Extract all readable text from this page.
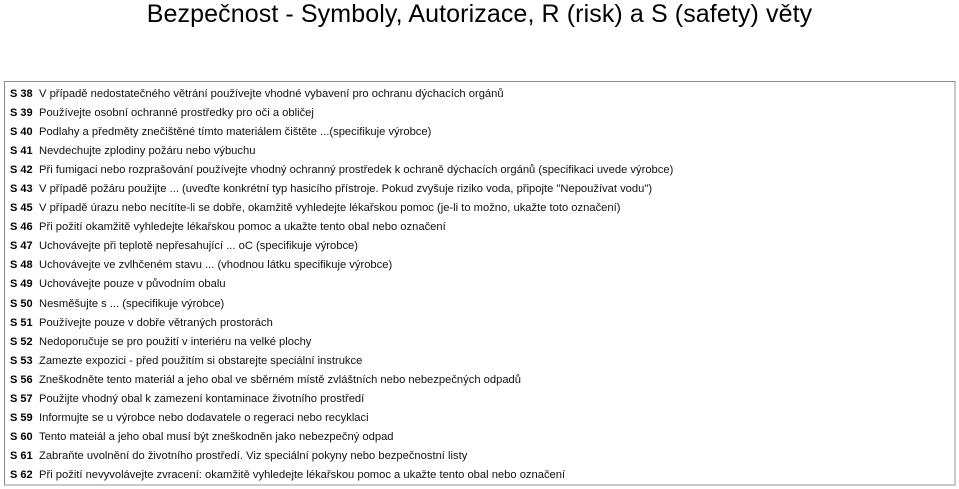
Bezpečnost - Symboly, Autorizace, R (risk) a S (safety) věty
S 38 V případě nedostatečného větrání používejte vhodné vybavení pro ochranu dýchacích orgánů
S 39 Používejte osobní ochranné prostředky pro oči a obličej
S 40 Podlahy a předměty znečištěné tímto materiálem čištěte ...(specifikuje výrobce)
S 41 Nevdechujte zplodiny požáru nebo výbuchu
S 42 Při fumigaci nebo rozprašování používejte vhodný ochranný prostředek k ochraně dýchacích orgánů (specifikaci uvede výrobce)
S 43 V případě požáru použijte ... (uveďte konkrétní typ hasicího přístroje. Pokud zvyšuje riziko voda, připojte "Nepoužívat vodu")
S 45 V případě úrazu nebo necítíte-li se dobře, okamžitě vyhledejte lékařskou pomoc (je-li to možno, ukažte toto označení)
S 46 Při požití okamžitě vyhledejte lékařskou pomoc a ukažte tento obal nebo označení
S 47 Uchovávejte při teplotě nepřesahující ... oC (specifikuje výrobce)
S 48 Uchovávejte ve zvlhčeném stavu ... (vhodnou látku specifikuje výrobce)
S 49 Uchovávejte pouze v původním obalu
S 50 Nesměšujte s ... (specifikuje výrobce)
S 51 Používejte pouze v dobře větraných prostorách
S 52 Nedoporučuje se pro použití v interiéru na velké plochy
S 53 Zamezte expozici - před použitím si obstarejte speciální instrukce
S 56 Zneškodněte tento materiál a jeho obal ve sběrném místě zvláštních nebo nebezpečných odpadů
S 57 Použijte vhodný obal k zamezení kontaminace životního prostředí
S 59 Informujte se u výrobce nebo dodavatele o regeraci nebo recyklaci
S 60 Tento mateiál a jeho obal musí být zneškodněn jako nebezpečný odpad
S 61 Zabraňte uvolnění do životního prostředí. Viz speciální pokyny nebo bezpečnostní listy
S 62 Při požití nevyvolávejte zvracení: okamžitě vyhledejte lékařskou pomoc a ukažte tento obal nebo označení
